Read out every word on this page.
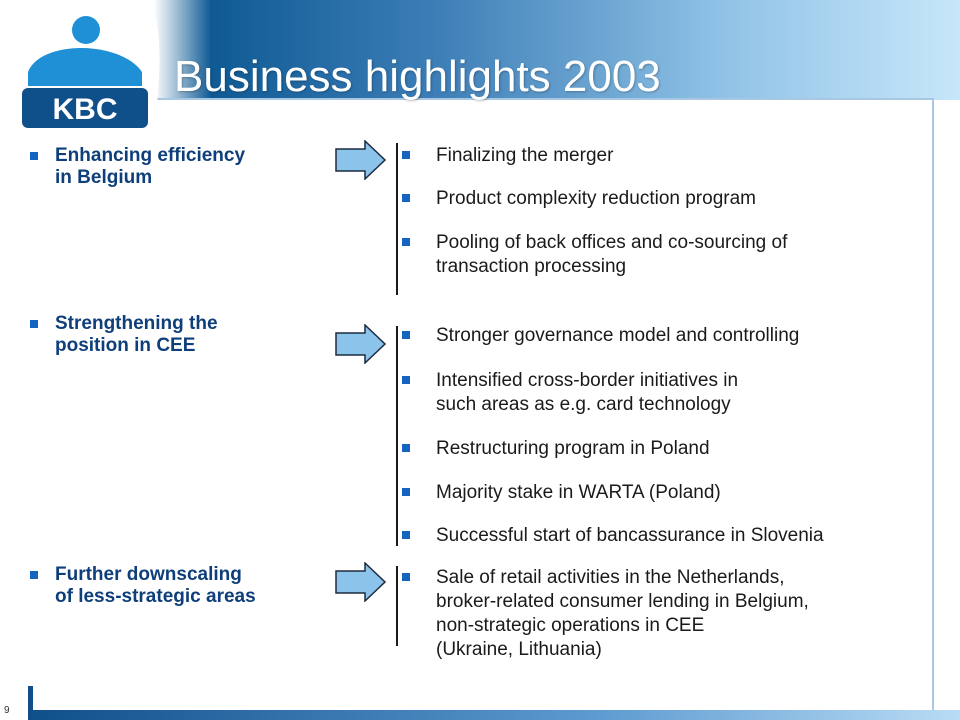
KBC
Business highlights 2003
Enhancing efficiency
in Belgium
Finalizing the merger
Product complexity reduction program
Pooling of back offices and co-sourcing of
transaction processing
Strengthening the
position in CEE	Stronger governance model and controlling
Intensified cross-border initiatives in
such areas as e.g. card technology
Restructuring program in Poland
Majority stake in WARTA (Poland)
Successful start of bancassurance in Slovenia
Further downscaling
of less-strategic areas
Sale of retail activities in the Netherlands,
broker-related consumer lending in Belgium,
non-strategic operations in CEE
(Ukraine, Lithuania)
9
